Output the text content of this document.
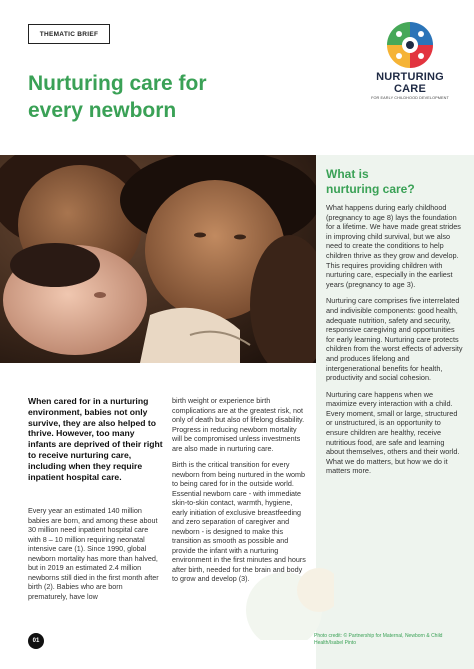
THEMATIC BRIEF
NURTURING CARE
FOR EARLY CHILDHOOD DEVELOPMENT
Nurturing care for
every newborn
What is
nurturing care?

What happens during early childhood (pregnancy to age 8) lays the foundation for a lifetime. We have made great strides in improving child survival, but we also need to create the conditions to help children thrive as they grow and develop. This requires providing children with nurturing care, especially in the earliest years (pregnancy to age 3).

Nurturing care comprises five interrelated and indivisible components: good health, adequate nutrition, safety and security, responsive caregiving and opportunities for early learning. Nurturing care protects children from the worst effects of adversity and produces lifelong and intergenerational benefits for health, productivity and social cohesion.

Nurturing care happens when we maximize every interaction with a child. Every moment, small or large, structured or unstructured, is an opportunity to ensure children are healthy, receive nutritious food, are safe and learning about themselves, others and their world. What we do matters, but how we do it matters more.

When cared for in a nurturing environment, babies not only survive, they are also helped to thrive. However, too many infants are deprived of their right to receive nurturing care, including when they require inpatient hospital care.
Every year an estimated 140 million babies are born, and among these about 30 million need inpatient hospital care with 8 – 10 million requiring neonatal intensive care (1). Since 1990, global newborn mortality has more than halved, but in 2019 an estimated 2.4 million newborns still died in the first month after birth (2). Babies who are born prematurely, have low

birth weight or experience birth complications are at the greatest risk, not only of death but also of lifelong disability. Progress in reducing newborn mortality will be compromised unless investments are also made in nurturing care.

Birth is the critical transition for every newborn from being nurtured in the womb to being cared for in the outside world. Essential newborn care - with immediate skin-to-skin contact, warmth, hygiene, early initiation of exclusive breastfeeding and zero separation of caregiver and newborn - is designed to make this transition as smooth as possible and provide the infant with a nurturing environment in the first minutes and hours after birth, needed for the brain and body to grow and develop (3).

01
Photo credit: © Partnership for Maternal, Newborn & Child Health/Isabel Pinto
